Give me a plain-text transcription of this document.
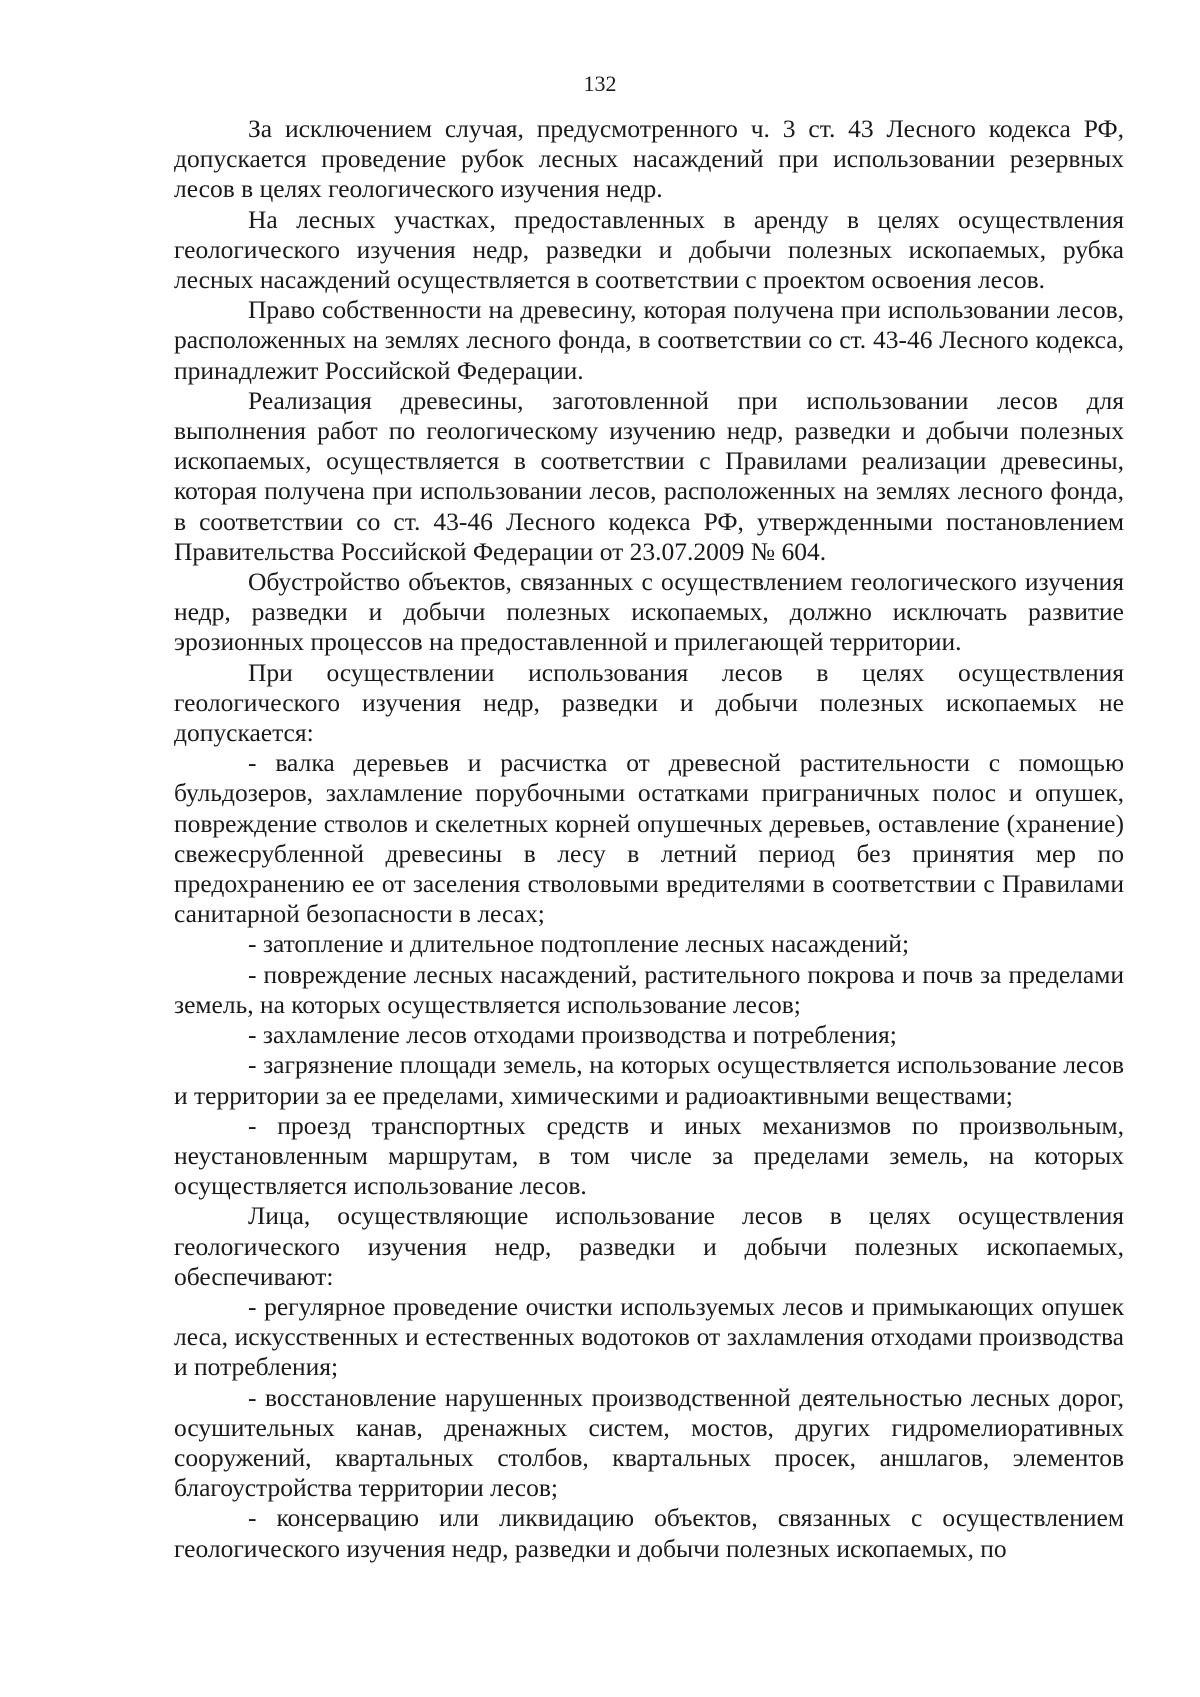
132

За исключением случая, предусмотренного ч. 3 ст. 43 Лесного кодекса РФ, допускается проведение рубок лесных насаждений при использовании резервных лесов в целях геологического изучения недр.

На лесных участках, предоставленных в аренду в целях осуществления геологического изучения недр, разведки и добычи полезных ископаемых, рубка лесных насаждений осуществляется в соответствии с проектом освоения лесов.

Право собственности на древесину, которая получена при использовании лесов, расположенных на землях лесного фонда, в соответствии со ст. 43-46 Лесного кодекса, принадлежит Российской Федерации.

Реализация древесины, заготовленной при использовании лесов для выполнения работ по геологическому изучению недр, разведки и добычи полезных ископаемых, осуществляется в соответствии с Правилами реализации древесины, которая получена при использовании лесов, расположенных на землях лесного фонда, в соответствии со ст. 43-46 Лесного кодекса РФ, утвержденными постановлением Правительства Российской Федерации от 23.07.2009 № 604.

Обустройство объектов, связанных с осуществлением геологического изучения недр, разведки и добычи полезных ископаемых, должно исключать развитие эрозионных процессов на предоставленной и прилегающей территории.

При осуществлении использования лесов в целях осуществления геологического изучения недр, разведки и добычи полезных ископаемых не допускается:

- валка деревьев и расчистка от древесной растительности с помощью бульдозеров, захламление порубочными остатками приграничных полос и опушек, повреждение стволов и скелетных корней опушечных деревьев, оставление (хранение) свежесрубленной древесины в лесу в летний период без принятия мер по предохранению ее от заселения стволовыми вредителями в соответствии с Правилами санитарной безопасности в лесах;

- затопление и длительное подтопление лесных насаждений;

- повреждение лесных насаждений, растительного покрова и почв за пределами земель, на которых осуществляется использование лесов;

- захламление лесов отходами производства и потребления;

- загрязнение площади земель, на которых осуществляется использование лесов и территории за ее пределами, химическими и радиоактивными веществами;

- проезд транспортных средств и иных механизмов по произвольным, неустановленным маршрутам, в том числе за пределами земель, на которых осуществляется использование лесов.

Лица, осуществляющие использование лесов в целях осуществления геологического изучения недр, разведки и добычи полезных ископаемых, обеспечивают:

- регулярное проведение очистки используемых лесов и примыкающих опушек леса, искусственных и естественных водотоков от захламления отходами производства и потребления;

- восстановление нарушенных производственной деятельностью лесных дорог, осушительных канав, дренажных систем, мостов, других гидромелиоративных сооружений, квартальных столбов, квартальных просек, аншлагов, элементов благоустройства территории лесов;

- консервацию или ликвидацию объектов, связанных с осуществлением геологического изучения недр, разведки и добычи полезных ископаемых, по
